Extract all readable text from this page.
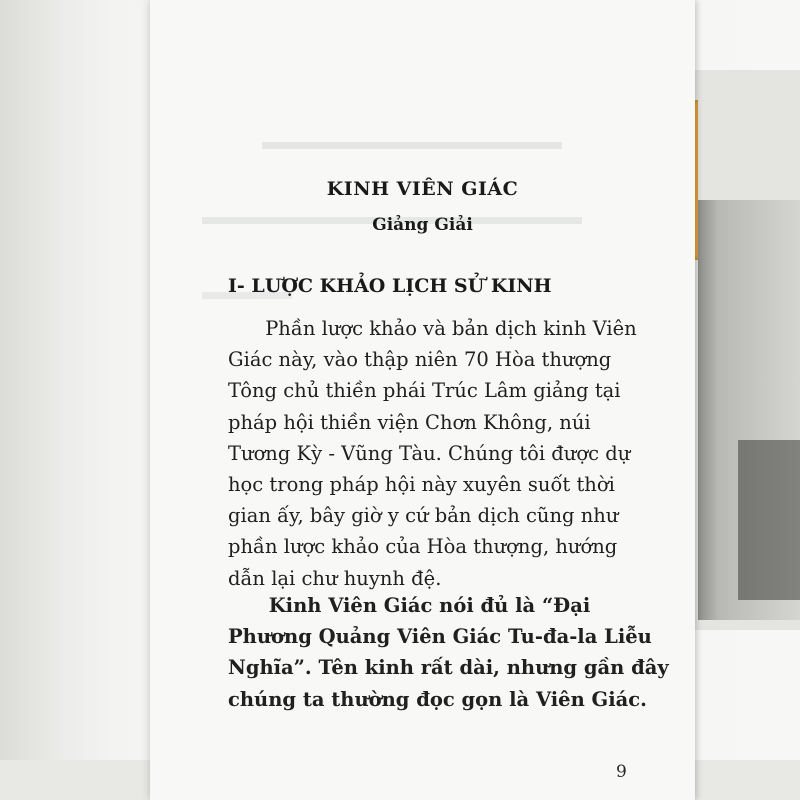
KINH VIÊN GIÁC
Giảng Giải
I- LƯỢC KHẢO LỊCH SỬ KINH

Phần lược khảo và bản dịch kinh Viên
Giác này, vào thập niên 70 Hòa thượng
Tông chủ thiền phái Trúc Lâm giảng tại
pháp hội thiền viện Chơn Không, núi
Tương Kỳ - Vũng Tàu. Chúng tôi được dự
học trong pháp hội này xuyên suốt thời
gian ấy, bây giờ y cứ bản dịch cũng như
phần lược khảo của Hòa thượng, hướng
dẫn lại chư huynh đệ.

Kinh Viên Giác nói đủ là “Đại
Phương Quảng Viên Giác Tu-đa-la Liễu
Nghĩa”. Tên kinh rất dài, nhưng gần đây
chúng ta thường đọc gọn là Viên Giác.

9
